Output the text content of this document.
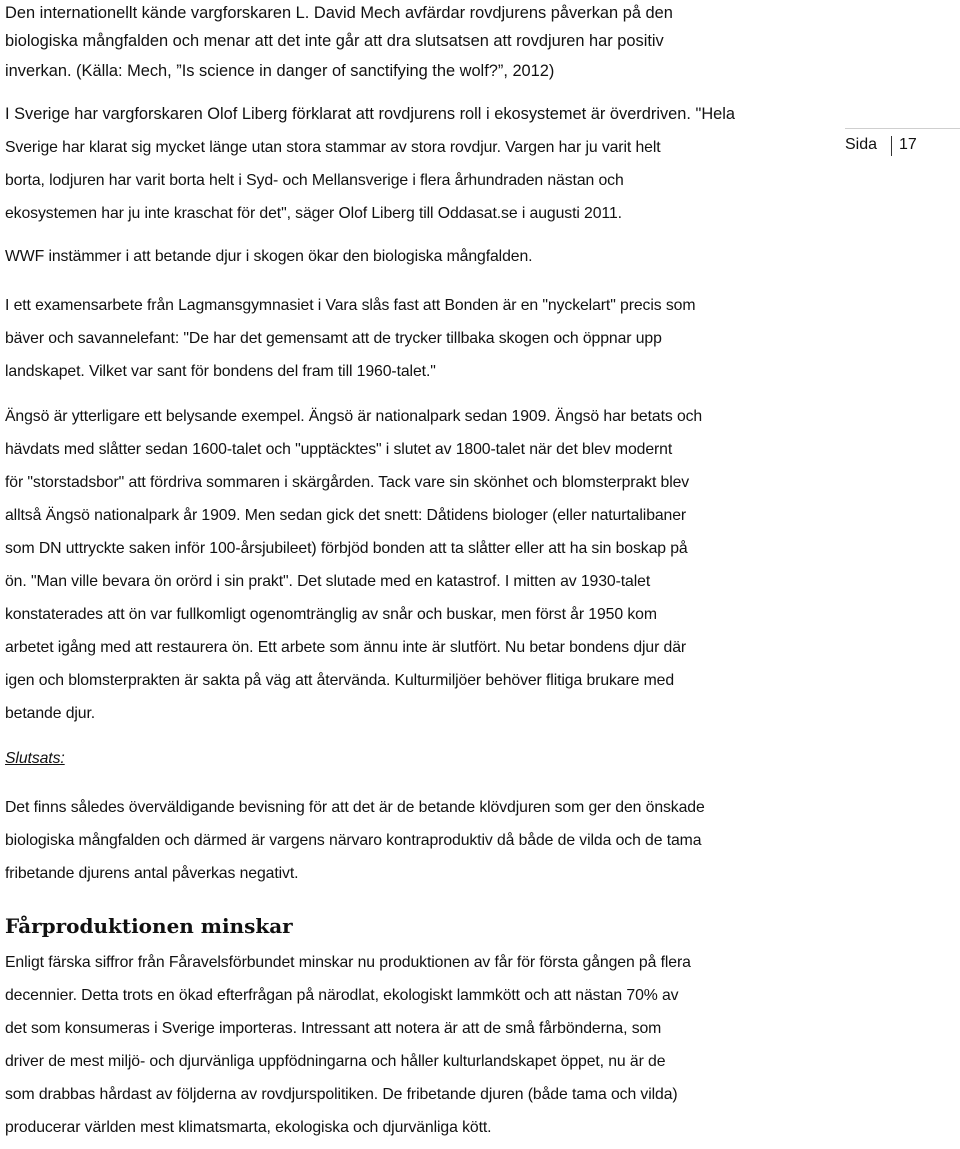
Sida 17
Den internationellt kände vargforskaren L. David Mech avfärdar rovdjurens påverkan på den
biologiska mångfalden och menar att det inte går att dra slutsatsen att rovdjuren har positiv
inverkan. (Källa: Mech, ”Is science in danger of sanctifying the wolf?”, 2012)
I Sverige har vargforskaren Olof Liberg förklarat att rovdjurens roll i ekosystemet är överdriven. "Hela
Sverige har klarat sig mycket länge utan stora stammar av stora rovdjur. Vargen har ju varit helt
borta, lodjuren har varit borta helt i Syd- och Mellansverige i flera århundraden nästan och
ekosystemen har ju inte kraschat för det", säger Olof Liberg till Oddasat.se i augusti 2011.
WWF instämmer i att betande djur i skogen ökar den biologiska mångfalden.
I ett examensarbete från Lagmansgymnasiet i Vara slås fast att Bonden är en "nyckelart" precis som
bäver och savannelefant: "De har det gemensamt att de trycker tillbaka skogen och öppnar upp
landskapet. Vilket var sant för bondens del fram till 1960-talet."
Ängsö är ytterligare ett belysande exempel. Ängsö är nationalpark sedan 1909. Ängsö har betats och
hävdats med slåtter sedan 1600-talet och "upptäcktes" i slutet av 1800-talet när det blev modernt
för "storstadsbor" att fördriva sommaren i skärgården. Tack vare sin skönhet och blomsterprakt blev
alltså Ängsö nationalpark år 1909. Men sedan gick det snett: Dåtidens biologer (eller naturtalibaner
som DN uttryckte saken inför 100-årsjubileet) förbjöd bonden att ta slåtter eller att ha sin boskap på
ön. "Man ville bevara ön orörd i sin prakt". Det slutade med en katastrof. I mitten av 1930-talet
konstaterades att ön var fullkomligt ogenomtränglig av snår och buskar, men först år 1950 kom
arbetet igång med att restaurera ön. Ett arbete som ännu inte är slutfört. Nu betar bondens djur där
igen och blomsterprakten är sakta på väg att återvända. Kulturmiljöer behöver flitiga brukare med
betande djur.
Slutsats:
Det finns således överväldigande bevisning för att det är de betande klövdjuren som ger den önskade
biologiska mångfalden och därmed är vargens närvaro kontraproduktiv då både de vilda och de tama
fribetande djurens antal påverkas negativt.
Fårproduktionen minskar
Enligt färska siffror från Fåravelsförbundet minskar nu produktionen av får för första gången på flera
decennier. Detta trots en ökad efterfrågan på närodlat, ekologiskt lammkött och att nästan 70% av
det som konsumeras i Sverige importeras. Intressant att notera är att de små fårbönderna, som
driver de mest miljö- och djurvänliga uppfödningarna och håller kulturlandskapet öppet, nu är de
som drabbas hårdast av följderna av rovdjurspolitiken. De fribetande djuren (både tama och vilda)
producerar världen mest klimatsmarta, ekologiska och djurvänliga kött.
